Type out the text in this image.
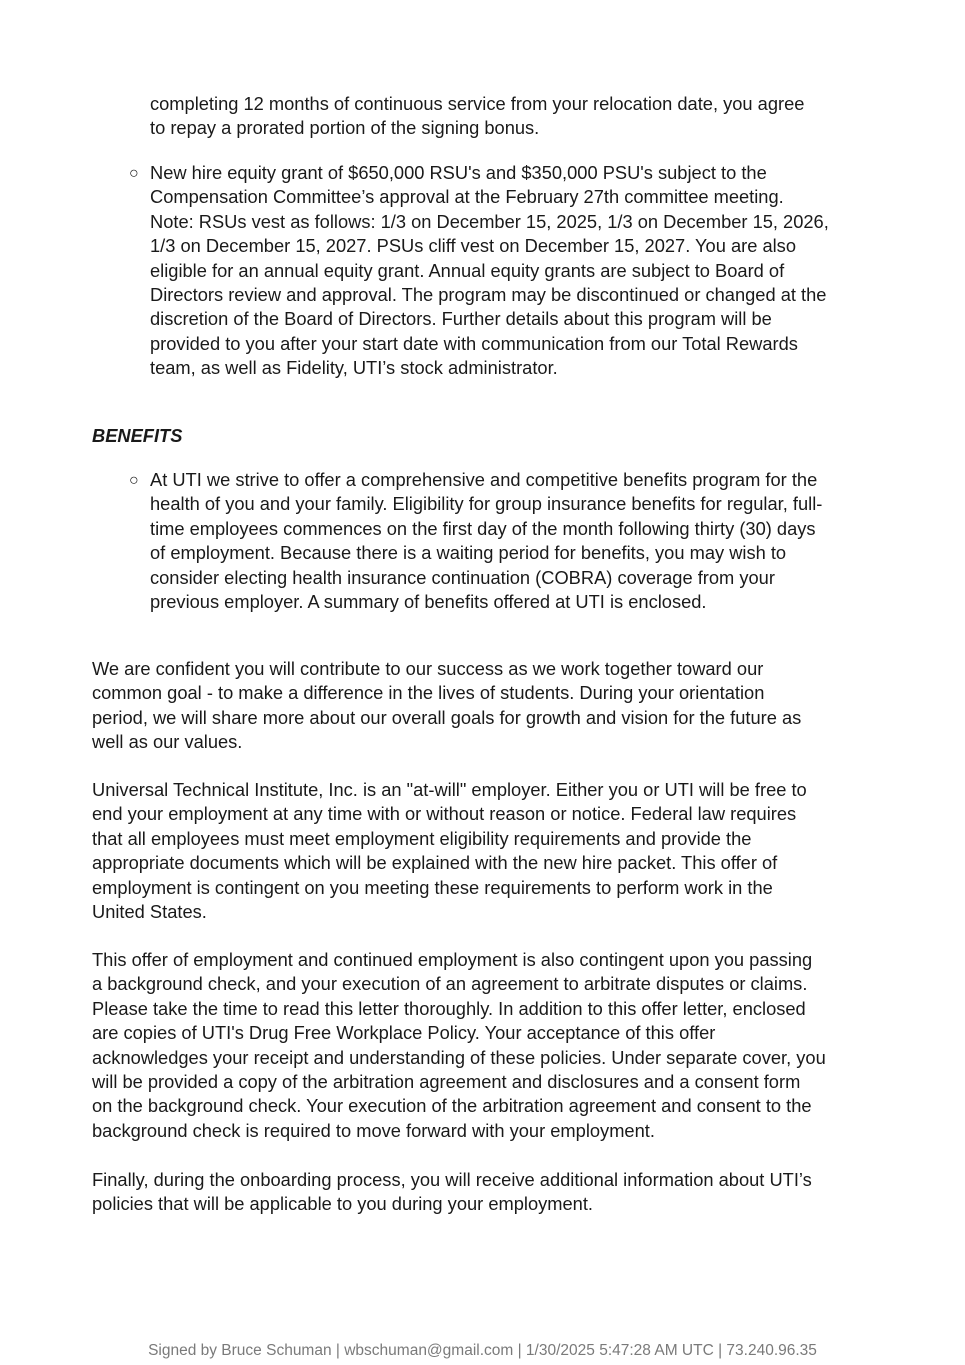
completing 12 months of continuous service from your relocation date, you agree
to repay a prorated portion of the signing bonus.

○ New hire equity grant of $650,000 RSU's and $350,000 PSU's subject to the
Compensation Committee’s approval at the February 27th committee meeting.
Note: RSUs vest as follows: 1/3 on December 15, 2025, 1/3 on December 15, 2026,
1/3 on December 15, 2027. PSUs cliff vest on December 15, 2027. You are also
eligible for an annual equity grant. Annual equity grants are subject to Board of
Directors review and approval. The program may be discontinued or changed at the
discretion of the Board of Directors. Further details about this program will be
provided to you after your start date with communication from our Total Rewards
team, as well as Fidelity, UTI’s stock administrator.

BENEFITS

○ At UTI we strive to offer a comprehensive and competitive benefits program for the
health of you and your family. Eligibility for group insurance benefits for regular, full-
time employees commences on the first day of the month following thirty (30) days
of employment. Because there is a waiting period for benefits, you may wish to
consider electing health insurance continuation (COBRA) coverage from your
previous employer. A summary of benefits offered at UTI is enclosed.

We are confident you will contribute to our success as we work together toward our
common goal - to make a difference in the lives of students. During your orientation
period, we will share more about our overall goals for growth and vision for the future as
well as our values.

Universal Technical Institute, Inc. is an "at-will" employer. Either you or UTI will be free to
end your employment at any time with or without reason or notice. Federal law requires
that all employees must meet employment eligibility requirements and provide the
appropriate documents which will be explained with the new hire packet. This offer of
employment is contingent on you meeting these requirements to perform work in the
United States.

This offer of employment and continued employment is also contingent upon you passing
a background check, and your execution of an agreement to arbitrate disputes or claims.
Please take the time to read this letter thoroughly. In addition to this offer letter, enclosed
are copies of UTI's Drug Free Workplace Policy. Your acceptance of this offer
acknowledges your receipt and understanding of these policies. Under separate cover, you
will be provided a copy of the arbitration agreement and disclosures and a consent form
on the background check. Your execution of the arbitration agreement and consent to the
background check is required to move forward with your employment.

Finally, during the onboarding process, you will receive additional information about UTI’s
policies that will be applicable to you during your employment.

Signed by Bruce Schuman | wbschuman@gmail.com | 1/30/2025 5:47:28 AM UTC | 73.240.96.35
